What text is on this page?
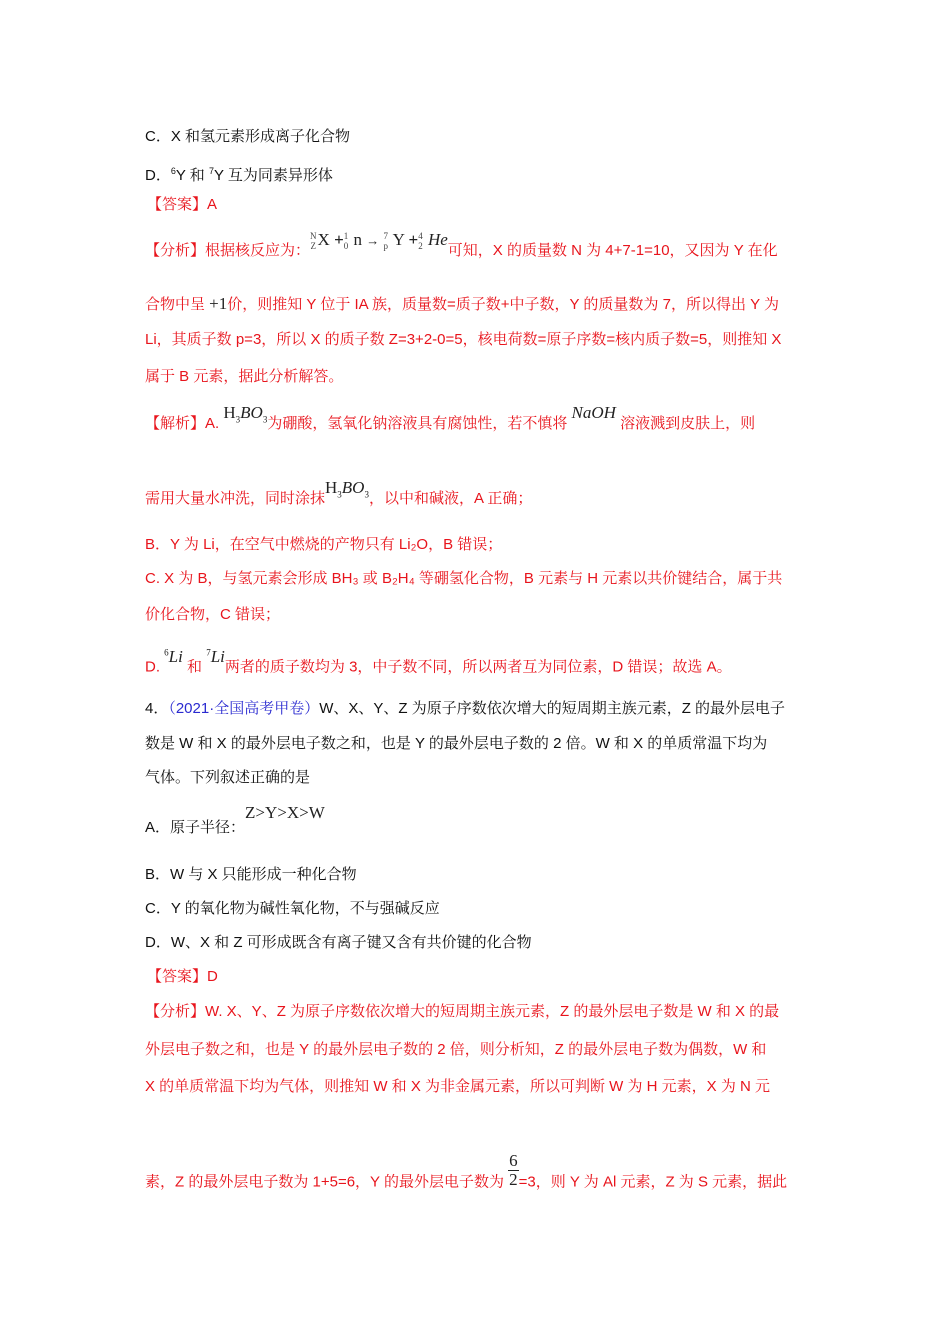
C．X 和氢元素形成离子化合物
D．$^6$Y 和 $^7$Y 互为同素异形体
【答案】A
【分析】根据核反应为：N
ZX +1
0 n → 7
p Y +4
2 He可知，X 的质量数 N 为 4+7-1=10，又因为 Y 在化
合物中呈 +1价，则推知 Y 位于 IA 族，质量数=质子数+中子数，Y 的质量数为 7，所以得出 Y 为
Li，其质子数 p=3，所以 X 的质子数 Z=3+2-0=5，核电荷数=原子序数=核内质子数=5，则推知 X
属于 B 元素，据此分析解答。
【解析】A. $H_3BO_3$为硼酸，氢氧化钠溶液具有腐蚀性，若不慎将 NaOH 溶液溅到皮肤上，则
需用大量水冲洗，同时涂抹$H_3BO_3$，以中和碱液，A 正确；
B．Y 为 Li，在空气中燃烧的产物只有 Li₂O，B 错误；
C. X 为 B，与氢元素会形成 BH₃ 或 B₂H₄ 等硼氢化合物，B 元素与 H 元素以共价键结合，属于共
价化合物，C 错误；
D. $^6$Li 和 $^7$Li两者的质子数均为 3，中子数不同，所以两者互为同位素，D 错误；故选 A。
4．（2021·全国高考甲卷）W、X、Y、Z 为原子序数依次增大的短周期主族元素，Z 的最外层电子
数是 W 和 X 的最外层电子数之和，也是 Y 的最外层电子数的 2 倍。W 和 X 的单质常温下均为
气体。下列叙述正确的是
A．原子半径：Z>Y>X>W
B．W 与 X 只能形成一种化合物
C．Y 的氧化物为碱性氧化物，不与强碱反应
D．W、X 和 Z 可形成既含有离子键又含有共价键的化合物
【答案】D
【分析】W. X、Y、Z 为原子序数依次增大的短周期主族元素，Z 的最外层电子数是 W 和 X 的最
外层电子数之和，也是 Y 的最外层电子数的 2 倍，则分析知，Z 的最外层电子数为偶数，W 和
X 的单质常温下均为气体，则推知 W 和 X 为非金属元素，所以可判断 W 为 H 元素，X 为 N 元
素，Z 的最外层电子数为 1+5=6，Y 的最外层电子数为 $\frac{6}{2} =3$，则 Y 为 Al 元素，Z 为 S 元素，据此
